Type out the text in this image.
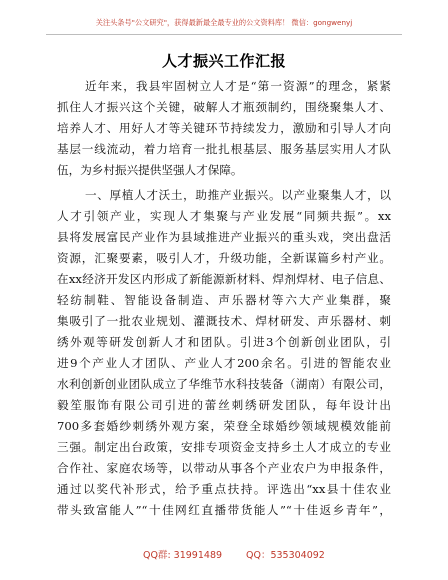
关注头条号"公文研究"，获得最新最全最专业的公文资料库！ 微信：gongwenyj
人才振兴工作汇报
近年来，我县牢固树立人才是“第一资源”的理念，紧紧
抓住人才振兴这个关键，破解人才瓶颈制约，围绕聚集人才、
培养人才、用好人才等关键环节持续发力，激励和引导人才向
基层一线流动，着力培育一批扎根基层、服务基层实用人才队
伍，为乡村振兴提供坚强人才保障。
一、厚植人才沃土，助推产业振兴。以产业聚集人才，以
人才引领产业，实现人才集聚与产业发展“同频共振”。xx
县将发展富民产业作为县域推进产业振兴的重头戏，突出盘活
资源，汇聚要素，吸引人才，升级功能，全新谋篇乡村产业。
在xx经济开发区内形成了新能源新材料、焊剂焊材、电子信息、
轻纺制鞋、智能设备制造、声乐器材等六大产业集群，聚
集吸引了一批农业规划、灌溉技术、焊材研发、声乐器材、刺
绣外观等研发创新人才和团队。引进3个创新创业团队，引
进9个产业人才团队、产业人才200余名。引进的智能农业
水利创新创业团队成立了华维节水科技装备（湖南）有限公司，
毅笙服饰有限公司引进的蕾丝刺绣研发团队，每年设计出
700多套婚纱刺绣外观方案，荣登全球婚纱领域规模效能前
三强。制定出台政策，安排专项资金支持乡土人才成立的专业
合作社、家庭农场等，以带动从事各个产业农户为申报条件，
通过以奖代补形式，给予重点扶持。评选出“xx县十佳农业
带头致富能人”“十佳网红直播带货能人”“十佳返乡青年”，
QQ群: 31991489	QQ：535304092
